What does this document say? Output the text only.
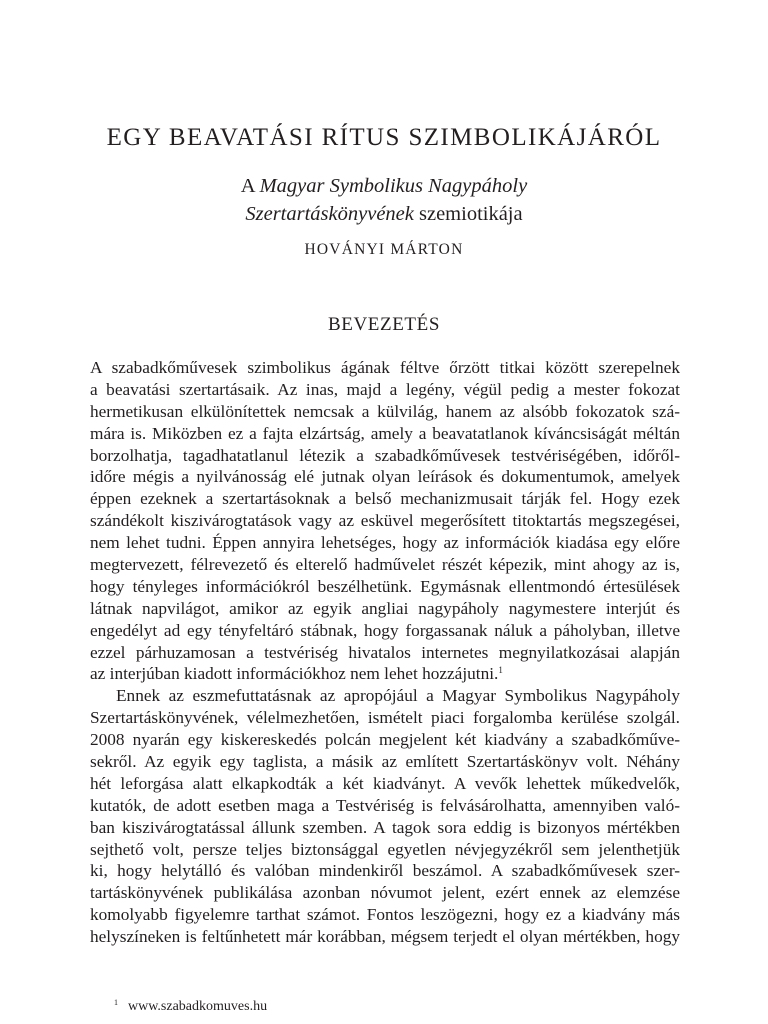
EGY BEAVATÁSI RÍTUS SZIMBOLIKÁJÁRÓL
A Magyar Symbolikus Nagypáholy
Szertartáskönyvének szemiotikája
HOVÁNYI MÁRTON
BEVEZETÉS
A szabadkőművesek szimbolikus ágának féltve őrzött titkai között szerepelnek
a beavatási szertartásaik. Az inas, majd a legény, végül pedig a mester fokozat
hermetikusan elkülönítettek nemcsak a külvilág, hanem az alsóbb fokozatok szá-
mára is. Miközben ez a fajta elzártság, amely a beavatatlanok kíváncsiságát méltán
borzolhatja, tagadhatatlanul létezik a szabadkőművesek testvériségében, időről-
időre mégis a nyilvánosság elé jutnak olyan leírások és dokumentumok, amelyek
éppen ezeknek a szertartásoknak a belső mechanizmusait tárják fel. Hogy ezek
szándékolt kiszivárogtatások vagy az esküvel megerősített titoktartás megszegései,
nem lehet tudni. Éppen annyira lehetséges, hogy az információk kiadása egy előre
megtervezett, félrevezető és elterelő hadművelet részét képezik, mint ahogy az is,
hogy tényleges információkról beszélhetünk. Egymásnak ellentmondó értesülések
látnak napvilágot, amikor az egyik angliai nagypáholy nagymestere interjút és
engedélyt ad egy tényfeltáró stábnak, hogy forgassanak náluk a páholyban, illetve
ezzel párhuzamosan a testvériség hivatalos internetes megnyilatkozásai alapján
az interjúban kiadott információkhoz nem lehet hozzájutni.$^1$
Ennek az eszmefuttatásnak az apropójául a Magyar Symbolikus Nagypáholy
Szertartáskönyvének, vélelmezhetően, ismételt piaci forgalomba kerülése szolgál.
2008 nyarán egy kiskereskedés polcán megjelent két kiadvány a szabadkőműve-
sekről. Az egyik egy taglista, a másik az említett Szertartáskönyv volt. Néhány
hét leforgása alatt elkapkodták a két kiadványt. A vevők lehettek műkedvelők,
kutatók, de adott esetben maga a Testvériség is felvásárolhatta, amennyiben való-
ban kiszivárogtatással állunk szemben. A tagok sora eddig is bizonyos mértékben
sejthető volt, persze teljes biztonsággal egyetlen névjegyzékről sem jelenthetjük
ki, hogy helytálló és valóban mindenkiről beszámol. A szabadkőművesek szer-
tartáskönyvének publikálása azonban nóvumot jelent, ezért ennek az elemzése
komolyabb figyelemre tarthat számot. Fontos leszögezni, hogy ez a kiadvány más
helyszíneken is feltűnhetett már korábban, mégsem terjedt el olyan mértékben, hogy
1 www.szabadkomuves.hu
